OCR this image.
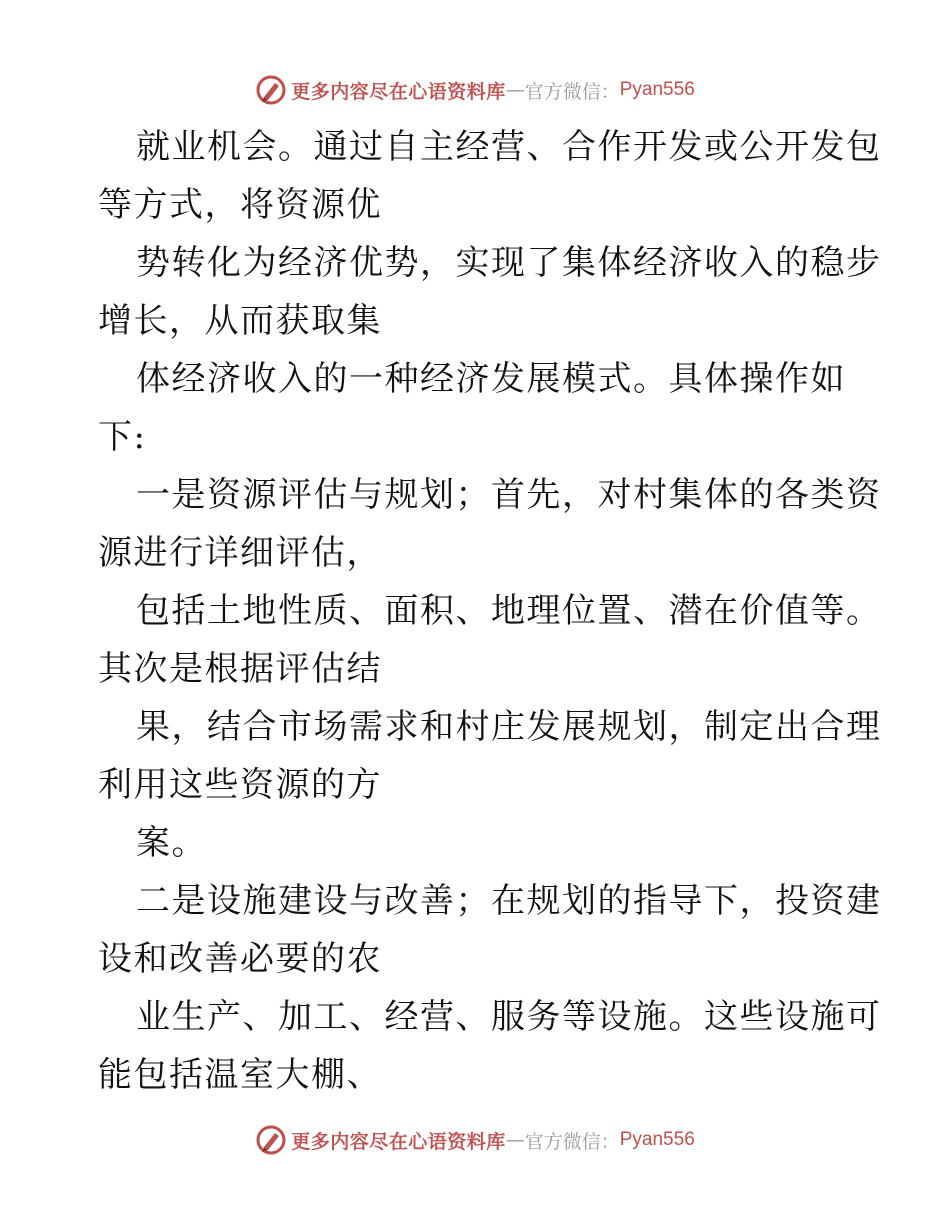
更多内容尽在心语资料库 — 官方微信： Pyan556
就业机会。通过自主经营、合作开发或公开发包
等方式，将资源优
势转化为经济优势，实现了集体经济收入的稳步
增长，从而获取集
体经济收入的一种经济发展模式。具体操作如
下:
一是资源评估与规划；首先，对村集体的各类资
源进行详细评估，
包括土地性质、面积、地理位置、潜在价值等。
其次是根据评估结
果，结合市场需求和村庄发展规划，制定出合理
利用这些资源的方
案。
二是设施建设与改善；在规划的指导下，投资建
设和改善必要的农
业生产、加工、经营、服务等设施。这些设施可
能包括温室大棚、
更多内容尽在心语资料库 — 官方微信： Pyan556
